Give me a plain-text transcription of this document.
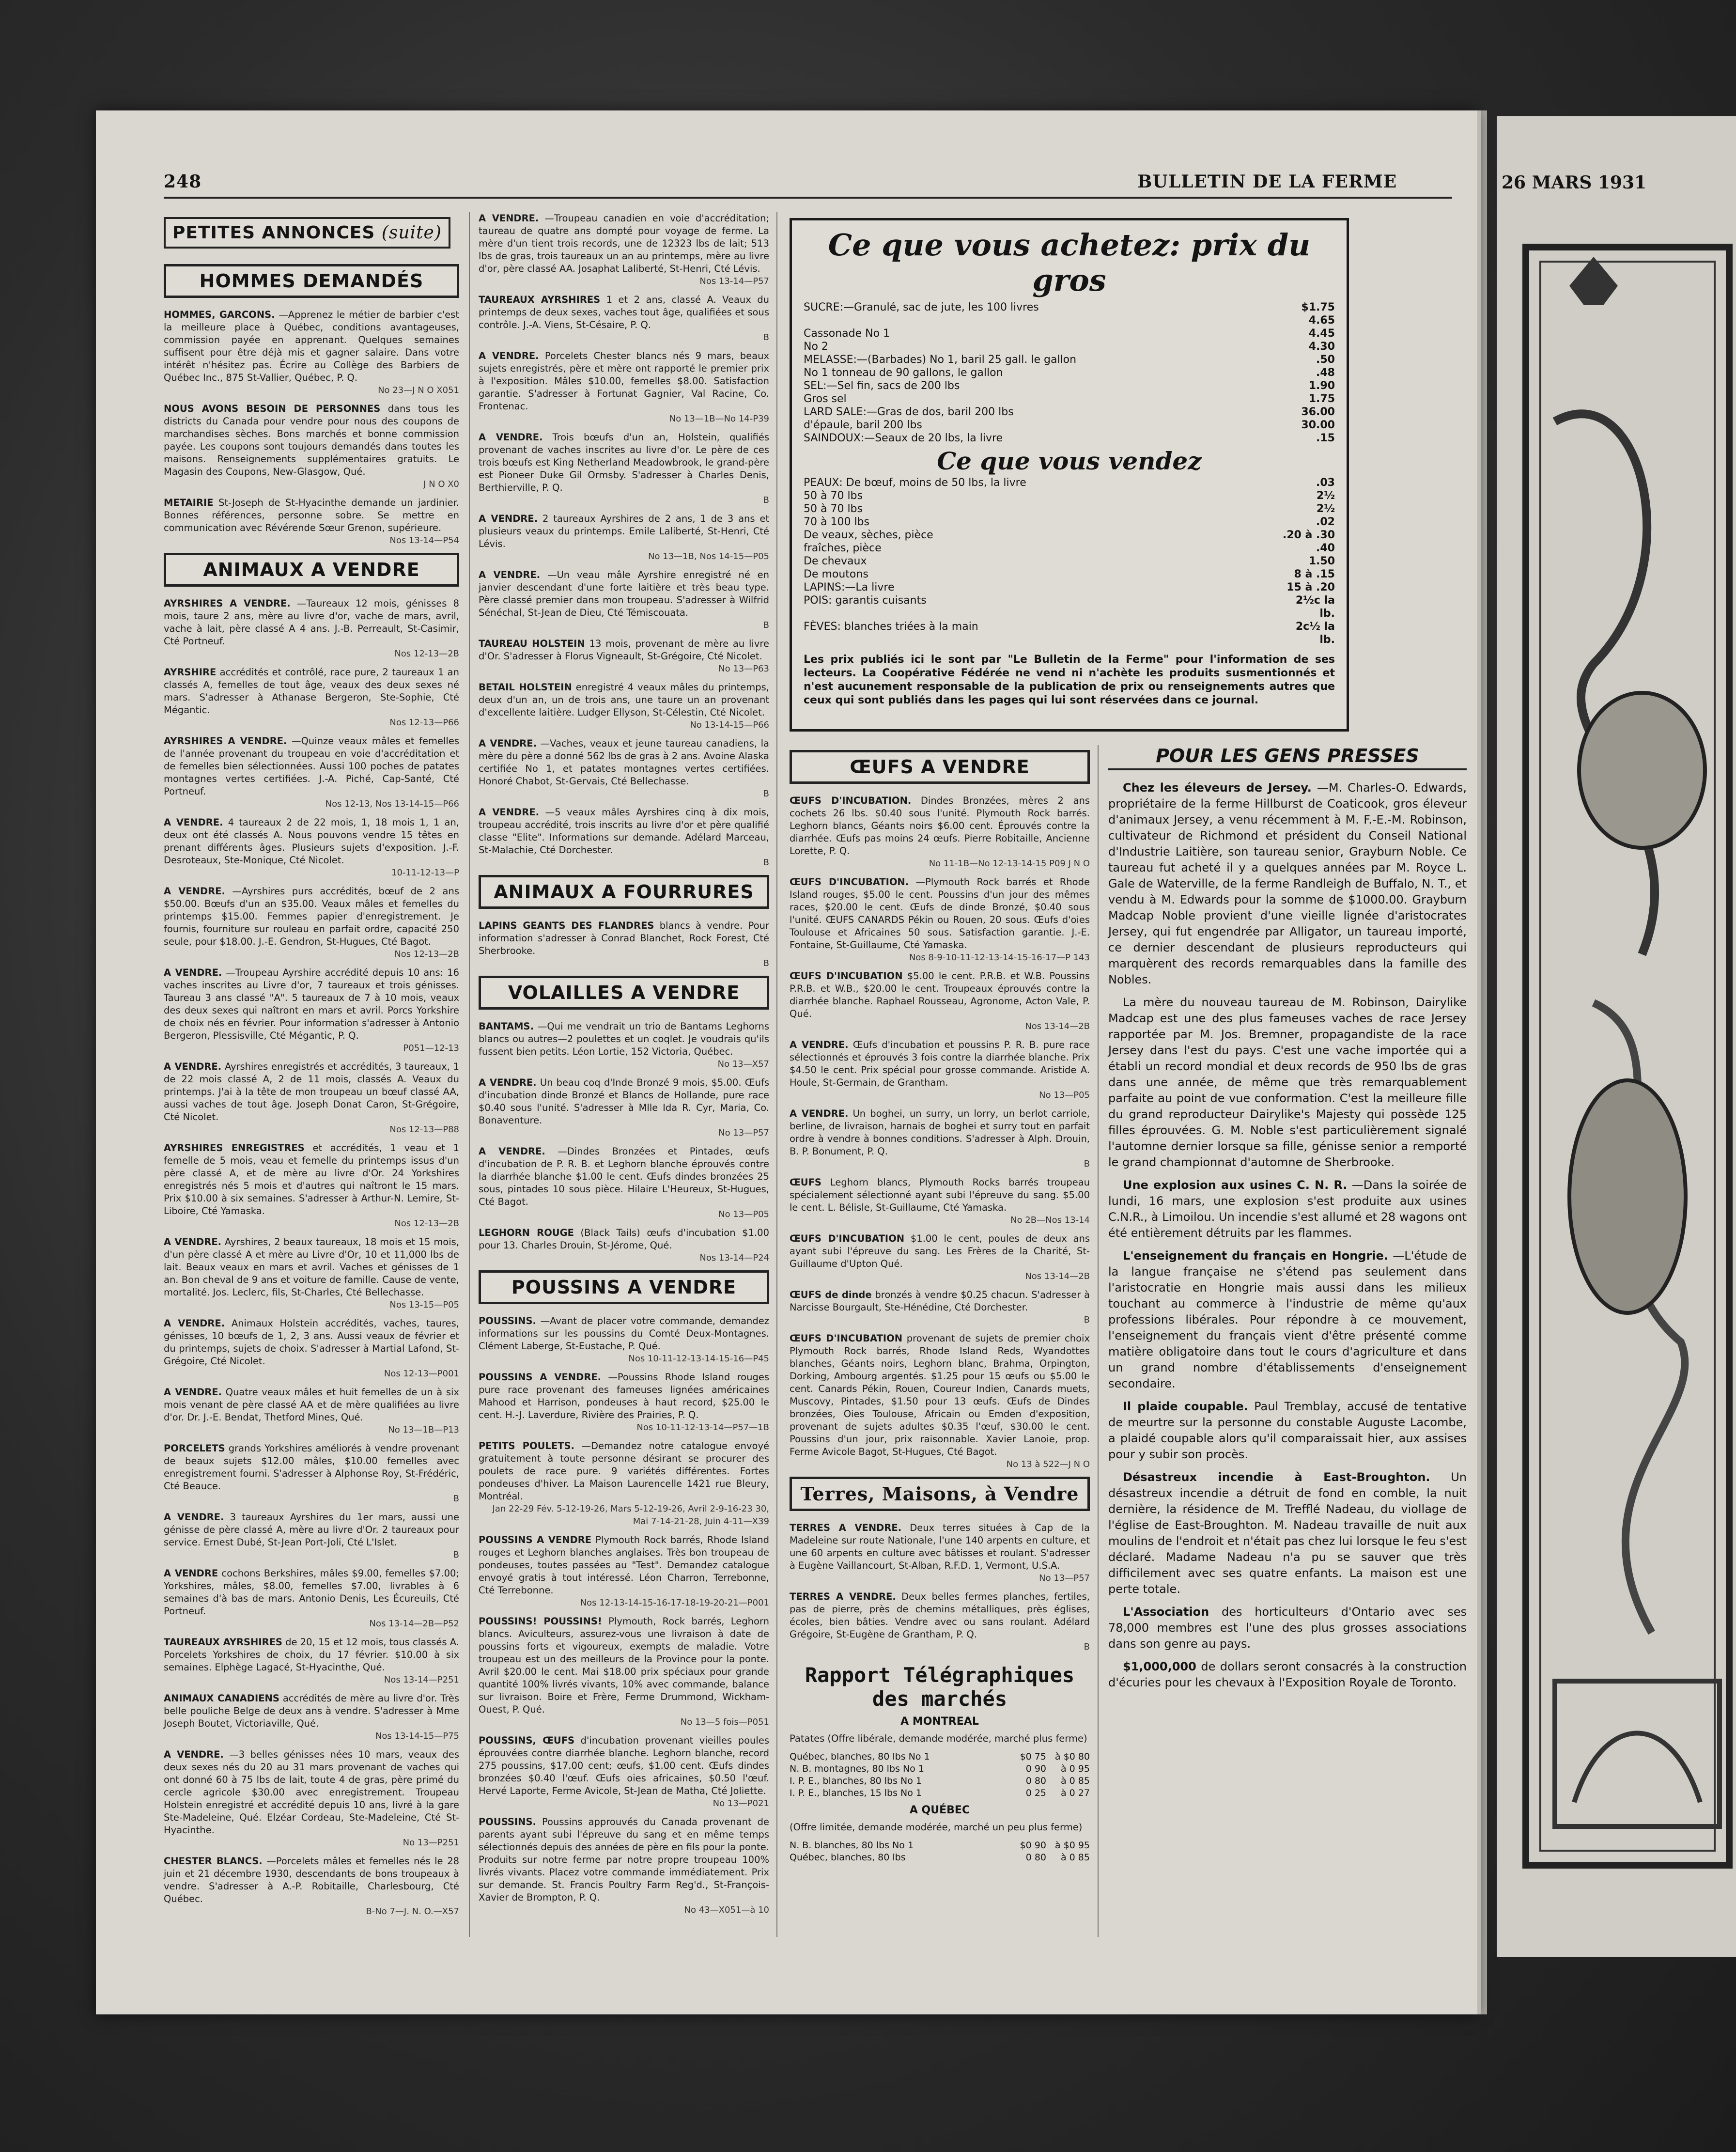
26 MARS 1931
248	BULLETIN DE LA FERME
PETITES ANNONCES (suite)
HOMMES DEMANDÉS
HOMMES, GARCONS. —Apprenez le métier de barbier c'est la meilleure place à Québec, conditions avantageuses, commission payée en apprenant. Quelques semaines suffisent pour être déjà mis et gagner salaire. Dans votre intérêt n'hésitez pas. Écrire au Collège des Barbiers de Québec Inc., 875 St-Vallier, Québec, P. Q.
No 23—J N O X051
NOUS AVONS BESOIN DE PERSONNES dans tous les districts du Canada pour vendre pour nous des coupons de marchandises sèches. Bons marchés et bonne commission payée. Les coupons sont toujours demandés dans toutes les maisons. Renseignements supplémentaires gratuits. Le Magasin des Coupons, New-Glasgow, Qué.
J N O X0
METAIRIE St-Joseph de St-Hyacinthe demande un jardinier. Bonnes références, personne sobre. Se mettre en communication avec Révérende Sœur Grenon, supérieure.
Nos 13-14—P54
ANIMAUX A VENDRE
AYRSHIRES A VENDRE. —Taureaux 12 mois, génisses 8 mois, taure 2 ans, mère au livre d'or, vache de mars, avril, vache à lait, père classé A 4 ans. J.-B. Perreault, St-Casimir, Cté Portneuf.
Nos 12-13—2B
AYRSHIRE accrédités et contrôlé, race pure, 2 taureaux 1 an classés A, femelles de tout âge, veaux des deux sexes né mars. S'adresser à Athanase Bergeron, Ste-Sophie, Cté Mégantic.
Nos 12-13—P66
AYRSHIRES A VENDRE. —Quinze veaux mâles et femelles de l'année provenant du troupeau en voie d'accréditation et de femelles bien sélectionnées. Aussi 100 poches de patates montagnes vertes certifiées. J.-A. Piché, Cap-Santé, Cté Portneuf.
Nos 12-13, Nos 13-14-15—P66
A VENDRE. 4 taureaux 2 de 22 mois, 1, 18 mois 1, 1 an, deux ont été classés A. Nous pouvons vendre 15 têtes en prenant différents âges. Plusieurs sujets d'exposition. J.-F. Desroteaux, Ste-Monique, Cté Nicolet.
10-11-12-13—P
A VENDRE. —Ayrshires purs accrédités, bœuf de 2 ans $50.00. Bœufs d'un an $35.00. Veaux mâles et femelles du printemps $15.00. Femmes papier d'enregistrement. Je fournis, fourniture sur rouleau en parfait ordre, capacité 250 seule, pour $18.00. J.-E. Gendron, St-Hugues, Cté Bagot.
Nos 12-13—2B
A VENDRE. —Troupeau Ayrshire accrédité depuis 10 ans: 16 vaches inscrites au Livre d'or, 7 taureaux et trois génisses. Taureau 3 ans classé "A". 5 taureaux de 7 à 10 mois, veaux des deux sexes qui naîtront en mars et avril. Porcs Yorkshire de choix nés en février. Pour information s'adresser à Antonio Bergeron, Plessisville, Cté Mégantic, P. Q.
P051—12-13
A VENDRE. Ayrshires enregistrés et accrédités, 3 taureaux, 1 de 22 mois classé A, 2 de 11 mois, classés A. Veaux du printemps. J'ai à la tête de mon troupeau un bœuf classé AA, aussi vaches de tout âge. Joseph Donat Caron, St-Grégoire, Cté Nicolet.
Nos 12-13—P88
AYRSHIRES ENREGISTRES et accrédités, 1 veau et 1 femelle de 5 mois, veau et femelle du printemps issus d'un père classé A, et de mère au livre d'Or. 24 Yorkshires enregistrés nés 5 mois et d'autres qui naîtront le 15 mars. Prix $10.00 à six semaines. S'adresser à Arthur-N. Lemire, St-Liboire, Cté Yamaska.
Nos 12-13—2B
A VENDRE. Ayrshires, 2 beaux taureaux, 18 mois et 15 mois, d'un père classé A et mère au Livre d'Or, 10 et 11,000 lbs de lait. Beaux veaux en mars et avril. Vaches et génisses de 1 an. Bon cheval de 9 ans et voiture de famille. Cause de vente, mortalité. Jos. Leclerc, fils, St-Charles, Cté Bellechasse.
Nos 13-15—P05
A VENDRE. Animaux Holstein accrédités, vaches, taures, génisses, 10 bœufs de 1, 2, 3 ans. Aussi veaux de février et du printemps, sujets de choix. S'adresser à Martial Lafond, St-Grégoire, Cté Nicolet.
Nos 12-13—P001
A VENDRE. Quatre veaux mâles et huit femelles de un à six mois venant de père classé AA et de mère qualifiées au livre d'or. Dr. J.-E. Bendat, Thetford Mines, Qué.
No 13—1B—P13
PORCELETS grands Yorkshires améliorés à vendre provenant de beaux sujets $12.00 mâles, $10.00 femelles avec enregistrement fourni. S'adresser à Alphonse Roy, St-Frédéric, Cté Beauce.
B
A VENDRE. 3 taureaux Ayrshires du 1er mars, aussi une génisse de père classé A, mère au livre d'Or. 2 taureaux pour service. Ernest Dubé, St-Jean Port-Joli, Cté L'Islet.
B
A VENDRE cochons Berkshires, mâles $9.00, femelles $7.00; Yorkshires, mâles, $8.00, femelles $7.00, livrables à 6 semaines d'à bas de mars. Antonio Denis, Les Écureuils, Cté Portneuf.
Nos 13-14—2B—P52
TAUREAUX AYRSHIRES de 20, 15 et 12 mois, tous classés A. Porcelets Yorkshires de choix, du 17 février. $10.00 à six semaines. Elphège Lagacé, St-Hyacinthe, Qué.
Nos 13-14—P251
ANIMAUX CANADIENS accrédités de mère au livre d'or. Très belle pouliche Belge de deux ans à vendre. S'adresser à Mme Joseph Boutet, Victoriaville, Qué.
Nos 13-14-15—P75
A VENDRE. —3 belles génisses nées 10 mars, veaux des deux sexes nés du 20 au 31 mars provenant de vaches qui ont donné 60 à 75 lbs de lait, toute 4 de gras, père primé du cercle agricole $30.00 avec enregistrement. Troupeau Holstein enregistré et accrédité depuis 10 ans, livré à la gare Ste-Madeleine, Qué. Elzéar Cordeau, Ste-Madeleine, Cté St-Hyacinthe.
No 13—P251
CHESTER BLANCS. —Porcelets mâles et femelles nés le 28 juin et 21 décembre 1930, descendants de bons troupeaux à vendre. S'adresser à A.-P. Robitaille, Charlesbourg, Cté Québec.
B-No 7—J. N. O.—X57
A VENDRE. —Troupeau canadien en voie d'accréditation; taureau de quatre ans dompté pour voyage de ferme. La mère d'un tient trois records, une de 12323 lbs de lait; 513 lbs de gras, trois taureaux un an au printemps, mère au livre d'or, père classé AA. Josaphat Laliberté, St-Henri, Cté Lévis.
Nos 13-14—P57
TAUREAUX AYRSHIRES 1 et 2 ans, classé A. Veaux du printemps de deux sexes, vaches tout âge, qualifiées et sous contrôle. J.-A. Viens, St-Césaire, P. Q.
B
A VENDRE. Porcelets Chester blancs nés 9 mars, beaux sujets enregistrés, père et mère ont rapporté le premier prix à l'exposition. Mâles $10.00, femelles $8.00. Satisfaction garantie. S'adresser à Fortunat Gagnier, Val Racine, Co. Frontenac.
No 13—1B—No 14-P39
A VENDRE. Trois bœufs d'un an, Holstein, qualifiés provenant de vaches inscrites au livre d'or. Le père de ces trois bœufs est King Netherland Meadowbrook, le grand-père est Pioneer Duke Gil Ormsby. S'adresser à Charles Denis, Berthierville, P. Q.
B
A VENDRE. 2 taureaux Ayrshires de 2 ans, 1 de 3 ans et plusieurs veaux du printemps. Emile Laliberté, St-Henri, Cté Lévis.
No 13—1B, Nos 14-15—P05
A VENDRE. —Un veau mâle Ayrshire enregistré né en janvier descendant d'une forte laitière et très beau type. Père classé premier dans mon troupeau. S'adresser à Wilfrid Sénéchal, St-Jean de Dieu, Cté Témiscouata.
B
TAUREAU HOLSTEIN 13 mois, provenant de mère au livre d'Or. S'adresser à Florus Vigneault, St-Grégoire, Cté Nicolet.
No 13—P63
BETAIL HOLSTEIN enregistré 4 veaux mâles du printemps, deux d'un an, un de trois ans, une taure un an provenant d'excellente laitière. Ludger Ellyson, St-Célestin, Cté Nicolet.
No 13-14-15—P66
A VENDRE. —Vaches, veaux et jeune taureau canadiens, la mère du père a donné 562 lbs de gras à 2 ans. Avoine Alaska certifiée No 1, et patates montagnes vertes certifiées. Honoré Chabot, St-Gervais, Cté Bellechasse.
B
A VENDRE. —5 veaux mâles Ayrshires cinq à dix mois, troupeau accrédité, trois inscrits au livre d'or et père qualifié classe "Elite". Informations sur demande. Adélard Marceau, St-Malachie, Cté Dorchester.
B
ANIMAUX A FOURRURES
LAPINS GEANTS DES FLANDRES blancs à vendre. Pour information s'adresser à Conrad Blanchet, Rock Forest, Cté Sherbrooke.
B
VOLAILLES A VENDRE
BANTAMS. —Qui me vendrait un trio de Bantams Leghorns blancs ou autres—2 poulettes et un coqlet. Je voudrais qu'ils fussent bien petits. Léon Lortie, 152 Victoria, Québec.
No 13—X57
A VENDRE. Un beau coq d'Inde Bronzé 9 mois, $5.00. Œufs d'incubation dinde Bronzé et Blancs de Hollande, pure race $0.40 sous l'unité. S'adresser à Mlle Ida R. Cyr, Maria, Co. Bonaventure.
No 13—P57
A VENDRE. —Dindes Bronzées et Pintades, œufs d'incubation de P. R. B. et Leghorn blanche éprouvés contre la diarrhée blanche $1.00 le cent. Œufs dindes bronzées 25 sous, pintades 10 sous pièce. Hilaire L'Heureux, St-Hugues, Cté Bagot.
No 13—P05
LEGHORN ROUGE (Black Tails) œufs d'incubation $1.00 pour 13. Charles Drouin, St-Jérome, Qué.
Nos 13-14—P24
POUSSINS A VENDRE
POUSSINS. —Avant de placer votre commande, demandez informations sur les poussins du Comté Deux-Montagnes. Clément Laberge, St-Eustache, P. Qué.
Nos 10-11-12-13-14-15-16—P45
POUSSINS A VENDRE. —Poussins Rhode Island rouges pure race provenant des fameuses lignées américaines Mahood et Harrison, pondeuses à haut record, $25.00 le cent. H.-J. Laverdure, Rivière des Prairies, P. Q.
Nos 10-11-12-13-14—P57—1B
PETITS POULETS. —Demandez notre catalogue envoyé gratuitement à toute personne désirant se procurer des poulets de race pure. 9 variétés différentes. Fortes pondeuses d'hiver. La Maison Laurencelle 1421 rue Bleury, Montréal.
Jan 22-29 Fév. 5-12-19-26, Mars 5-12-19-26, Avril 2-9-16-23 30, Mai 7-14-21-28, Juin 4-11—X39
POUSSINS A VENDRE Plymouth Rock barrés, Rhode Island rouges et Leghorn blanches anglaises. Très bon troupeau de pondeuses, toutes passées au "Test". Demandez catalogue envoyé gratis à tout intéressé. Léon Charron, Terrebonne, Cté Terrebonne.
Nos 12-13-14-15-16-17-18-19-20-21—P001
POUSSINS! POUSSINS! Plymouth, Rock barrés, Leghorn blancs. Aviculteurs, assurez-vous une livraison à date de poussins forts et vigoureux, exempts de maladie. Votre troupeau est un des meilleurs de la Province pour la ponte. Avril $20.00 le cent. Mai $18.00 prix spéciaux pour grande quantité 100% livrés vivants, 10% avec commande, balance sur livraison. Boire et Frère, Ferme Drummond, Wickham-Ouest, P. Qué.
No 13—5 fois—P051
POUSSINS, ŒUFS d'incubation provenant vieilles poules éprouvées contre diarrhée blanche. Leghorn blanche, record 275 poussins, $17.00 cent; œufs, $1.00 cent. Œufs dindes bronzées $0.40 l'œuf. Œufs oies africaines, $0.50 l'œuf. Hervé Laporte, Ferme Avicole, St-Jean de Matha, Cté Joliette.
No 13—P021
POUSSINS. Poussins approuvés du Canada provenant de parents ayant subi l'épreuve du sang et en même temps sélectionnés depuis des années de père en fils pour la ponte. Produits sur notre ferme par notre propre troupeau 100% livrés vivants. Placez votre commande immédiatement. Prix sur demande. St. Francis Poultry Farm Reg'd., St-François-Xavier de Brompton, P. Q.
No 43—X051—à 10
Ce que vous achetez: prix du gros
SUCRE:—Granulé, sac de jute, les 100 livres	$1.75
4.65
Cassonade No 1	4.45
No 2	4.30
MELASSE:—(Barbades) No 1, baril 25 gall. le gallon	.50
No 1 tonneau de 90 gallons, le gallon	.48
SEL:—Sel fin, sacs de 200 lbs	1.90
Gros sel	1.75
LARD SALE:—Gras de dos, baril 200 lbs	36.00
d'épaule, baril 200 lbs	30.00
SAINDOUX:—Seaux de 20 lbs, la livre	.15
Ce que vous vendez
PEAUX: De bœuf, moins de 50 lbs, la livre	.03
50 à 70 lbs	2½
50 à 70 lbs	2½
70 à 100 lbs	.02
De veaux, sèches, pièce	.20 à .30
fraîches, pièce	.40
De chevaux	1.50
De moutons	8 à .15
LAPINS:—La livre	15 à .20
POIS: garantis cuisants	2½c la lb.
FÈVES: blanches triées à la main	2c½ la lb.
Les prix publiés ici le sont par "Le Bulletin de la Ferme" pour l'information de ses lecteurs. La Coopérative Fédérée ne vend ni n'achète les produits susmentionnés et n'est aucunement responsable de la publication de prix ou renseignements autres que ceux qui sont publiés dans les pages qui lui sont réservées dans ce journal.
ŒUFS A VENDRE
ŒUFS D'INCUBATION. Dindes Bronzées, mères 2 ans cochets 26 lbs. $0.40 sous l'unité. Plymouth Rock barrés. Leghorn blancs, Géants noirs $6.00 cent. Éprouvés contre la diarrhée. Œufs pas moins 24 œufs. Pierre Robitaille, Ancienne Lorette, P. Q.
No 11-1B—No 12-13-14-15 P09 J N O
ŒUFS D'INCUBATION. —Plymouth Rock barrés et Rhode Island rouges, $5.00 le cent. Poussins d'un jour des mêmes races, $20.00 le cent. Œufs de dinde Bronzé, $0.40 sous l'unité. ŒUFS CANARDS Pékin ou Rouen, 20 sous. Œufs d'oies Toulouse et Africaines 50 sous. Satisfaction garantie. J.-E. Fontaine, St-Guillaume, Cté Yamaska.
Nos 8-9-10-11-12-13-14-15-16-17—P 143
ŒUFS D'INCUBATION $5.00 le cent. P.R.B. et W.B. Poussins P.R.B. et W.B., $20.00 le cent. Troupeaux éprouvés contre la diarrhée blanche. Raphael Rousseau, Agronome, Acton Vale, P. Qué.
Nos 13-14—2B
A VENDRE. Œufs d'incubation et poussins P. R. B. pure race sélectionnés et éprouvés 3 fois contre la diarrhée blanche. Prix $4.50 le cent. Prix spécial pour grosse commande. Aristide A. Houle, St-Germain, de Grantham.
No 13—P05
A VENDRE. Un boghei, un surry, un lorry, un berlot carriole, berline, de livraison, harnais de boghei et surry tout en parfait ordre à vendre à bonnes conditions. S'adresser à Alph. Drouin, B. P. Bonument, P. Q.
B
ŒUFS Leghorn blancs, Plymouth Rocks barrés troupeau spécialement sélectionné ayant subi l'épreuve du sang. $5.00 le cent. L. Bélisle, St-Guillaume, Cté Yamaska.
No 2B—Nos 13-14
ŒUFS D'INCUBATION $1.00 le cent, poules de deux ans ayant subi l'épreuve du sang. Les Frères de la Charité, St-Guillaume d'Upton Qué.
Nos 13-14—2B
ŒUFS de dinde bronzés à vendre $0.25 chacun. S'adresser à Narcisse Bourgault, Ste-Hénédine, Cté Dorchester.
B
ŒUFS D'INCUBATION provenant de sujets de premier choix Plymouth Rock barrés, Rhode Island Reds, Wyandottes blanches, Géants noirs, Leghorn blanc, Brahma, Orpington, Dorking, Ambourg argentés. $1.25 pour 15 œufs ou $5.00 le cent. Canards Pékin, Rouen, Coureur Indien, Canards muets, Muscovy, Pintades, $1.50 pour 13 œufs. Œufs de Dindes bronzées, Oies Toulouse, Africain ou Emden d'exposition, provenant de sujets adultes $0.35 l'œuf, $30.00 le cent. Poussins d'un jour, prix raisonnable. Xavier Lanoie, prop. Ferme Avicole Bagot, St-Hugues, Cté Bagot.
No 13 à 522—J N O
Terres, Maisons, à Vendre
TERRES A VENDRE. Deux terres situées à Cap de la Madeleine sur route Nationale, l'une 140 arpents en culture, et une 60 arpents en culture avec bâtisses et roulant. S'adresser à Eugène Vaillancourt, St-Alban, R.F.D. 1, Vermont, U.S.A.
No 13—P57
TERRES A VENDRE. Deux belles fermes planches, fertiles, pas de pierre, près de chemins métalliques, près églises, écoles, bien bâties. Vendre avec ou sans roulant. Adélard Grégoire, St-Eugène de Grantham, P. Q.
B
Rapport Télégraphiques des marchés
A MONTREAL
Patates (Offre libérale, demande modérée, marché plus ferme)
Québec, blanches, 80 lbs No 1	$0 75 à $0 80
N. B. montagnes, 80 lbs No 1	0 90	à 0 95
I. P. E., blanches, 80 lbs No 1	0 80	à 0 85
I. P. E., blanches, 15 lbs No 1	0 25	à 0 27
A QUÉBEC
(Offre limitée, demande modérée, marché un peu plus ferme)
N. B. blanches, 80 lbs No 1	$0 90 à $0 95
Québec, blanches, 80 lbs	0 80	à 0 85
POUR LES GENS PRESSES
Chez les éleveurs de Jersey. —M. Charles-O. Edwards, propriétaire de la ferme Hillburst de Coaticook, gros éleveur d'animaux Jersey, a venu récemment à M. F.-E.-M. Robinson, cultivateur de Richmond et président du Conseil National d'Industrie Laitière, son taureau senior, Grayburn Noble. Ce taureau fut acheté il y a quelques années par M. Royce L. Gale de Waterville, de la ferme Randleigh de Buffalo, N. T., et vendu à M. Edwards pour la somme de $1000.00. Grayburn Madcap Noble provient d'une vieille lignée d'aristocrates Jersey, qui fut engendrée par Alligator, un taureau importé, ce dernier descendant de plusieurs reproducteurs qui marquèrent des records remarquables dans la famille des Nobles.
La mère du nouveau taureau de M. Robinson, Dairylike Madcap est une des plus fameuses vaches de race Jersey rapportée par M. Jos. Bremner, propagandiste de la race Jersey dans l'est du pays. C'est une vache importée qui a établi un record mondial et deux records de 950 lbs de gras dans une année, de même que très remarquablement parfaite au point de vue conformation. C'est la meilleure fille du grand reproducteur Dairylike's Majesty qui possède 125 filles éprouvées. G. M. Noble s'est particulièrement signalé l'automne dernier lorsque sa fille, génisse senior a remporté le grand championnat d'automne de Sherbrooke.
Une explosion aux usines C. N. R. —Dans la soirée de lundi, 16 mars, une explosion s'est produite aux usines C.N.R., à Limoilou. Un incendie s'est allumé et 28 wagons ont été entièrement détruits par les flammes.
L'enseignement du français en Hongrie. —L'étude de la langue française ne s'étend pas seulement dans l'aristocratie en Hongrie mais aussi dans les milieux touchant au commerce à l'industrie de même qu'aux professions libérales. Pour répondre à ce mouvement, l'enseignement du français vient d'être présenté comme matière obligatoire dans tout le cours d'agriculture et dans un grand nombre d'établissements d'enseignement secondaire.
Il plaide coupable. Paul Tremblay, accusé de tentative de meurtre sur la personne du constable Auguste Lacombe, a plaidé coupable alors qu'il comparaissait hier, aux assises pour y subir son procès.
Désastreux incendie à East-Broughton. Un désastreux incendie a détruit de fond en comble, la nuit dernière, la résidence de M. Trefflé Nadeau, du viollage de l'église de East-Broughton. M. Nadeau travaille de nuit aux moulins de l'endroit et n'était pas chez lui lorsque le feu s'est déclaré. Madame Nadeau n'a pu se sauver que très difficilement avec ses quatre enfants. La maison est une perte totale.
L'Association des horticulteurs d'Ontario avec ses 78,000 membres est l'une des plus grosses associations dans son genre au pays.
$1,000,000 de dollars seront consacrés à la construction d'écuries pour les chevaux à l'Exposition Royale de Toronto.
